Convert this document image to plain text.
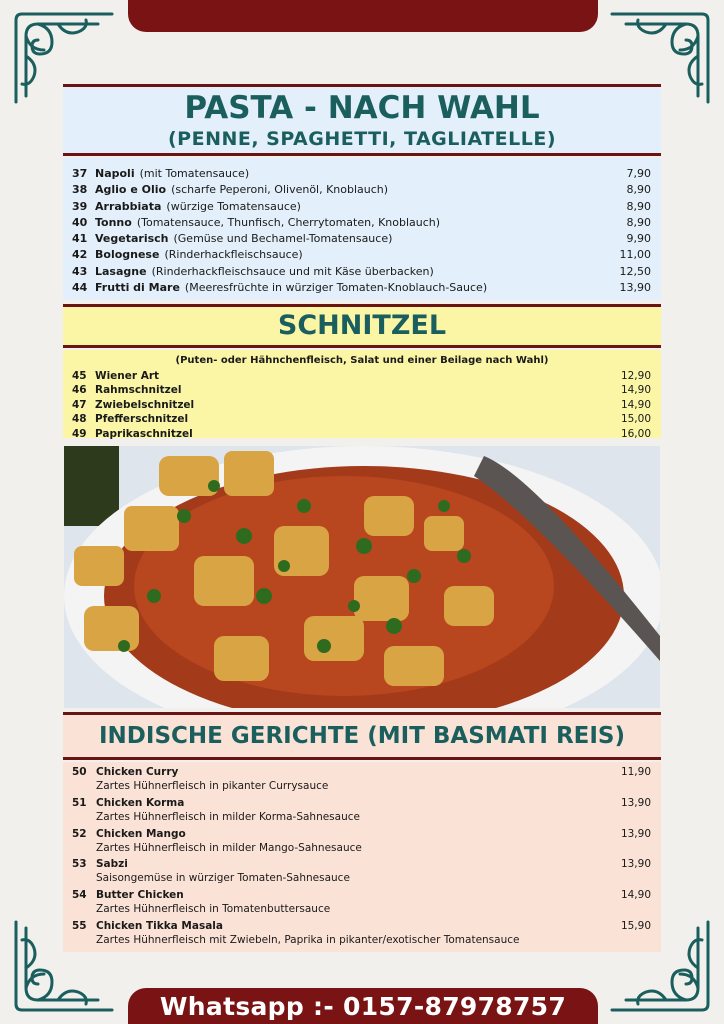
PASTA - NACH WAHL
(PENNE, SPAGHETTI, TAGLIATELLE)
37 Napoli (mit Tomatensauce)	7,90
38 Aglio e Olio (scharfe Peperoni, Olivenöl, Knoblauch)	8,90
39 Arrabbiata (würzige Tomatensauce)	8,90
40 Tonno (Tomatensauce, Thunfisch, Cherrytomaten, Knoblauch)	8,90
41 Vegetarisch (Gemüse und Bechamel-Tomatensauce)	9,90
42 Bolognese (Rinderhackfleischsauce)	11,00
43 Lasagne (Rinderhackfleischsauce und mit Käse überbacken)	12,50
44 Frutti di Mare (Meeresfrüchte in würziger Tomaten-Knoblauch-Sauce)	13,90
SCHNITZEL
(Puten- oder Hähnchenfleisch, Salat und einer Beilage nach Wahl)
45 Wiener Art	12,90
46 Rahmschnitzel	14,90
47 Zwiebelschnitzel	14,90
48 Pfefferschnitzel	15,00
49 Paprikaschnitzel	16,00
INDISCHE GERICHTE (MIT BASMATI REIS)
50 Chicken Curry	11,90
Zartes Hühnerfleisch in pikanter Currysauce
51 Chicken Korma	13,90
Zartes Hühnerfleisch in milder Korma-Sahnesauce
52 Chicken Mango	13,90
Zartes Hühnerfleisch in milder Mango-Sahnesauce
53 Sabzi	13,90
Saisongemüse in würziger Tomaten-Sahnesauce
54 Butter Chicken	14,90
Zartes Hühnerfleisch in Tomatenbuttersauce
55 Chicken Tikka Masala	15,90
Zartes Hühnerfleisch mit Zwiebeln, Paprika in pikanter/exotischer Tomatensauce
Whatsapp :- 0157-87978757
